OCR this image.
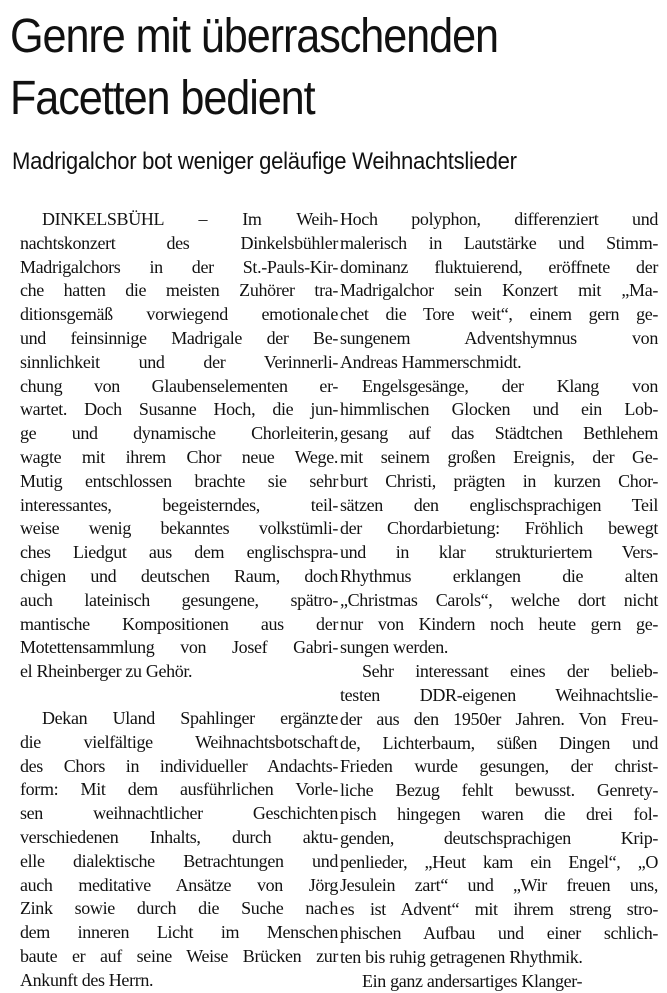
Genre mit überraschenden
Facetten bedient
Madrigalchor bot weniger geläufige Weihnachtslieder

DINKELSBÜHL – Im Weih-
nachtskonzert des Dinkelsbühler
Madrigalchors in der St.-Pauls-Kir-
che hatten die meisten Zuhörer tra-
ditionsgemäß vorwiegend emotionale
und feinsinnige Madrigale der Be-
sinnlichkeit und der Verinnerli-
chung von Glaubenselementen er-
wartet. Doch Susanne Hoch, die jun-
ge und dynamische Chorleiterin,
wagte mit ihrem Chor neue Wege.
Mutig entschlossen brachte sie sehr
interessantes, begeisterndes, teil-
weise wenig bekanntes volkstümli-
ches Liedgut aus dem englischspra-
chigen und deutschen Raum, doch
auch lateinisch gesungene, spätro-
mantische Kompositionen aus der
Motettensammlung von Josef Gabri-
el Rheinberger zu Gehör.

Dekan Uland Spahlinger ergänzte
die vielfältige Weihnachtsbotschaft
des Chors in individueller Andachts-
form: Mit dem ausführlichen Vorle-
sen weihnachtlicher Geschichten
verschiedenen Inhalts, durch aktu-
elle dialektische Betrachtungen und
auch meditative Ansätze von Jörg
Zink sowie durch die Suche nach
dem inneren Licht im Menschen
baute er auf seine Weise Brücken zur
Ankunft des Herrn.

Hoch polyphon, differenziert und
malerisch in Lautstärke und Stimm-
dominanz fluktuierend, eröffnete der
Madrigalchor sein Konzert mit „Ma-
chet die Tore weit“, einem gern ge-
sungenem Adventshymnus von
Andreas Hammerschmidt.

Engelsgesänge, der Klang von
himmlischen Glocken und ein Lob-
gesang auf das Städtchen Bethlehem
mit seinem großen Ereignis, der Ge-
burt Christi, prägten in kurzen Chor-
sätzen den englischsprachigen Teil
der Chordarbietung: Fröhlich bewegt
und in klar strukturiertem Vers-
Rhythmus erklangen die alten
„Christmas Carols“, welche dort nicht
nur von Kindern noch heute gern ge-
sungen werden.

Sehr interessant eines der belieb-
testen DDR-eigenen Weihnachtslie-
der aus den 1950er Jahren. Von Freu-
de, Lichterbaum, süßen Dingen und
Frieden wurde gesungen, der christ-
liche Bezug fehlt bewusst. Genrety-
pisch hingegen waren die drei fol-
genden, deutschsprachigen Krip-
penlieder, „Heut kam ein Engel“, „O
Jesulein zart“ und „Wir freuen uns,
es ist Advent“ mit ihrem streng stro-
phischen Aufbau und einer schlich-
ten bis ruhig getragenen Rhythmik.

Ein ganz andersartiges Klanger-
